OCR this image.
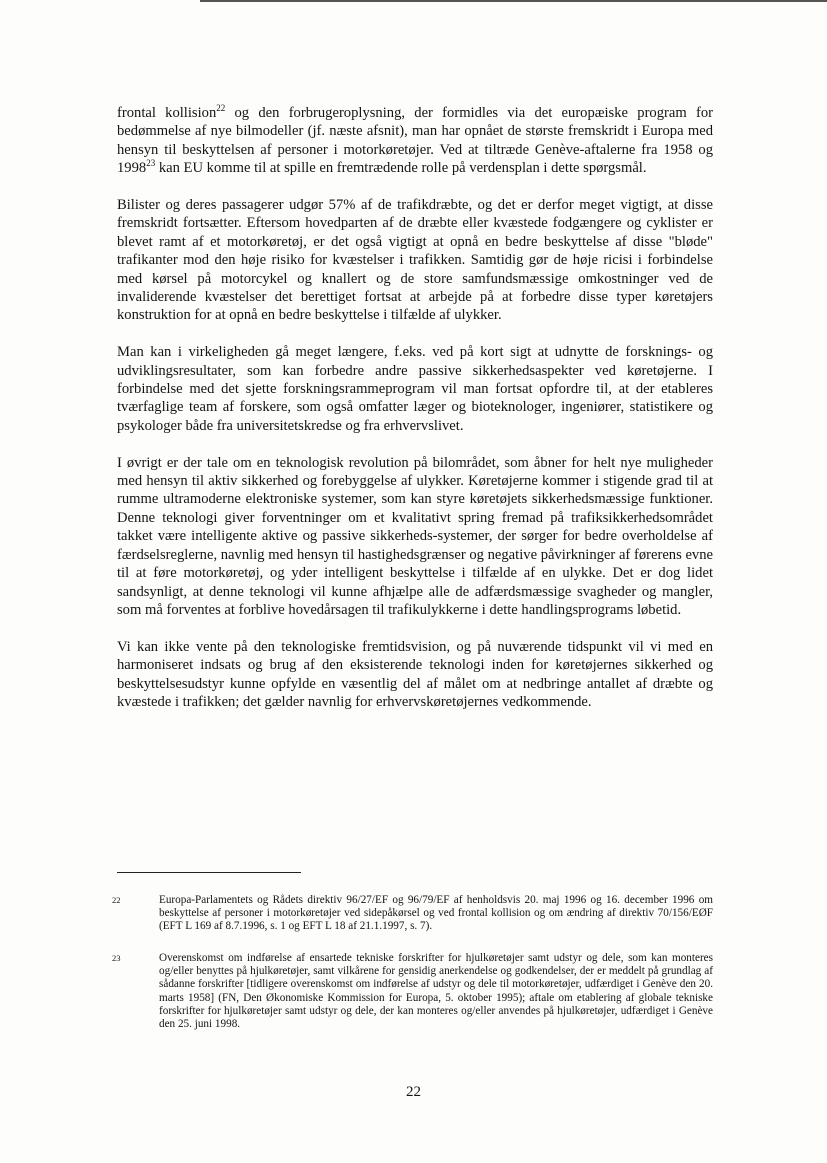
frontal kollision$^{22}$ og den forbrugeroplysning, der formidles via det europæiske program for bedømmelse af nye bilmodeller (jf. næste afsnit), man har opnået de største fremskridt i Europa med hensyn til beskyttelsen af personer i motorkøretøjer. Ved at tiltræde Genève-aftalerne fra 1958 og 1998$^{23}$ kan EU komme til at spille en fremtrædende rolle på verdensplan i dette spørgsmål.

Bilister og deres passagerer udgør 57% af de trafikdræbte, og det er derfor meget vigtigt, at disse fremskridt fortsætter. Eftersom hovedparten af de dræbte eller kvæstede fodgængere og cyklister er blevet ramt af et motorkøretøj, er det også vigtigt at opnå en bedre beskyttelse af disse "bløde" trafikanter mod den høje risiko for kvæstelser i trafikken. Samtidig gør de høje ricisi i forbindelse med kørsel på motorcykel og knallert og de store samfundsmæssige omkostninger ved de invaliderende kvæstelser det berettiget fortsat at arbejde på at forbedre disse typer køretøjers konstruktion for at opnå en bedre beskyttelse i tilfælde af ulykker.

Man kan i virkeligheden gå meget længere, f.eks. ved på kort sigt at udnytte de forsknings- og udviklingsresultater, som kan forbedre andre passive sikkerhedsaspekter ved køretøjerne. I forbindelse med det sjette forskningsrammeprogram vil man fortsat opfordre til, at der etableres tværfaglige team af forskere, som også omfatter læger og bioteknologer, ingeniører, statistikere og psykologer både fra universitetskredse og fra erhvervslivet.

I øvrigt er der tale om en teknologisk revolution på bilområdet, som åbner for helt nye muligheder med hensyn til aktiv sikkerhed og forebyggelse af ulykker. Køretøjerne kommer i stigende grad til at rumme ultramoderne elektroniske systemer, som kan styre køretøjets sikkerhedsmæssige funktioner. Denne teknologi giver forventninger om et kvalitativt spring fremad på trafiksikkerhedsområdet takket være intelligente aktive og passive sikkerheds-systemer, der sørger for bedre overholdelse af færdselsreglerne, navnlig med hensyn til hastighedsgrænser og negative påvirkninger af førerens evne til at føre motorkøretøj, og yder intelligent beskyttelse i tilfælde af en ulykke. Det er dog lidet sandsynligt, at denne teknologi vil kunne afhjælpe alle de adfærdsmæssige svagheder og mangler, som må forventes at forblive hovedårsagen til trafikulykkerne i dette handlingsprograms løbetid.

Vi kan ikke vente på den teknologiske fremtidsvision, og på nuværende tidspunkt vil vi med en harmoniseret indsats og brug af den eksisterende teknologi inden for køretøjernes sikkerhed og beskyttelsesudstyr kunne opfylde en væsentlig del af målet om at nedbringe antallet af dræbte og kvæstede i trafikken; det gælder navnlig for erhvervskøretøjernes vedkommende.

22	Europa-Parlamentets og Rådets direktiv 96/27/EF og 96/79/EF af henholdsvis 20. maj 1996 og 16. december 1996 om beskyttelse af personer i motorkøretøjer ved sidepåkørsel og ved frontal kollision og om ændring af direktiv 70/156/EØF (EFT L 169 af 8.7.1996, s. 1 og EFT L 18 af 21.1.1997, s. 7).
23	Overenskomst om indførelse af ensartede tekniske forskrifter for hjulkøretøjer samt udstyr og dele, som kan monteres og/eller benyttes på hjulkøretøjer, samt vilkårene for gensidig anerkendelse og godkendelser, der er meddelt på grundlag af sådanne forskrifter [tidligere overenskomst om indførelse af udstyr og dele til motorkøretøjer, udfærdiget i Genève den 20. marts 1958] (FN, Den Økonomiske Kommission for Europa, 5. oktober 1995); aftale om etablering af globale tekniske forskrifter for hjulkøretøjer samt udstyr og dele, der kan monteres og/eller anvendes på hjulkøretøjer, udfærdiget i Genève den 25. juni 1998.
22
